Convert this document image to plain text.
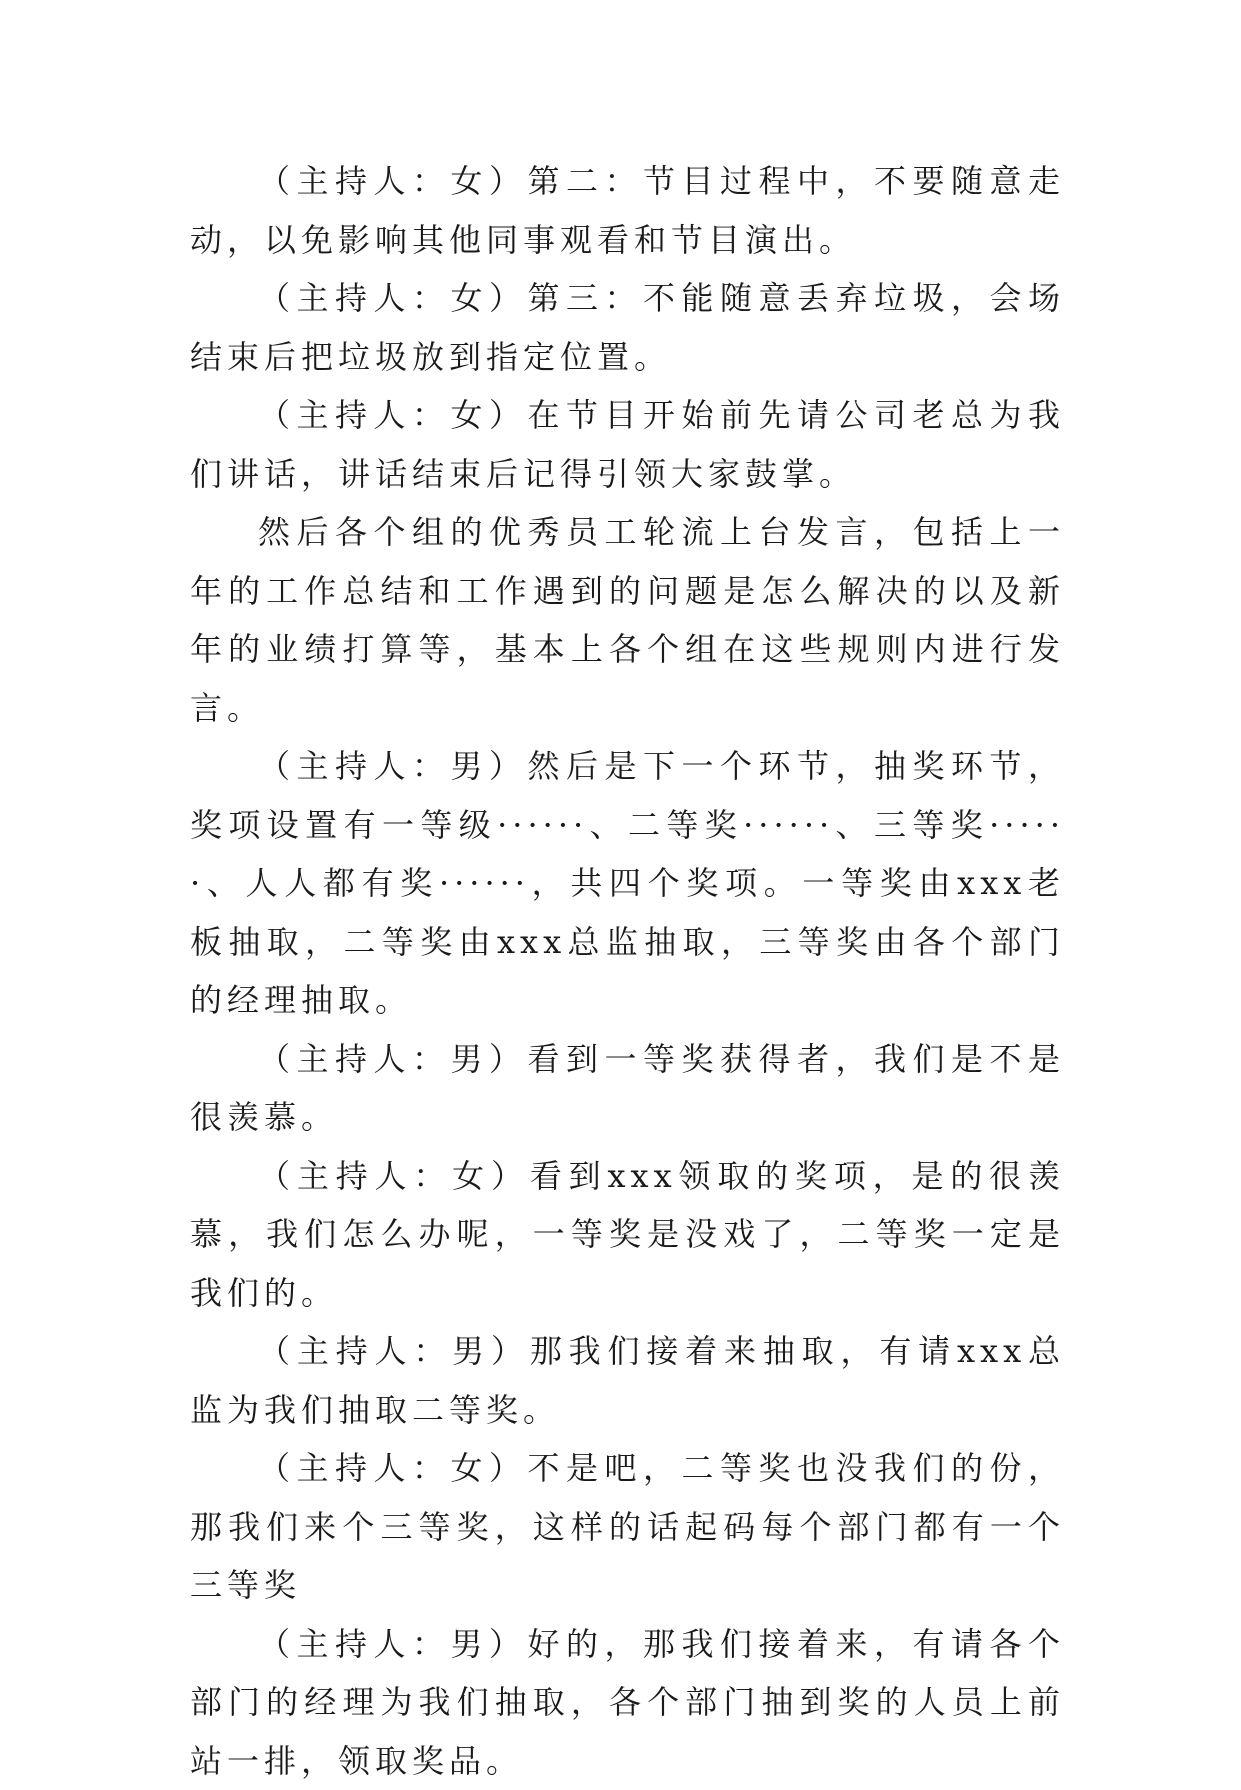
（主持人：女）第二：节目过程中，不要随意走动，以免影响其他同事观看和节目演出。

（主持人：女）第三：不能随意丢弃垃圾，会场结束后把垃圾放到指定位置。

（主持人：女）在节目开始前先请公司老总为我们讲话，讲话结束后记得引领大家鼓掌。

然后各个组的优秀员工轮流上台发言，包括上一年的工作总结和工作遇到的问题是怎么解决的以及新年的业绩打算等，基本上各个组在这些规则内进行发言。

（主持人：男）然后是下一个环节，抽奖环节，奖项设置有一等级······、二等奖······、三等奖······、人人都有奖······，共四个奖项。一等奖由xxx老板抽取，二等奖由xxx总监抽取，三等奖由各个部门的经理抽取。

（主持人：男）看到一等奖获得者，我们是不是很羡慕。

（主持人：女）看到xxx领取的奖项，是的很羡慕，我们怎么办呢，一等奖是没戏了，二等奖一定是我们的。

（主持人：男）那我们接着来抽取，有请xxx总监为我们抽取二等奖。

（主持人：女）不是吧，二等奖也没我们的份，那我们来个三等奖，这样的话起码每个部门都有一个三等奖

（主持人：男）好的，那我们接着来，有请各个部门的经理为我们抽取，各个部门抽到奖的人员上前站一排，领取奖品。
